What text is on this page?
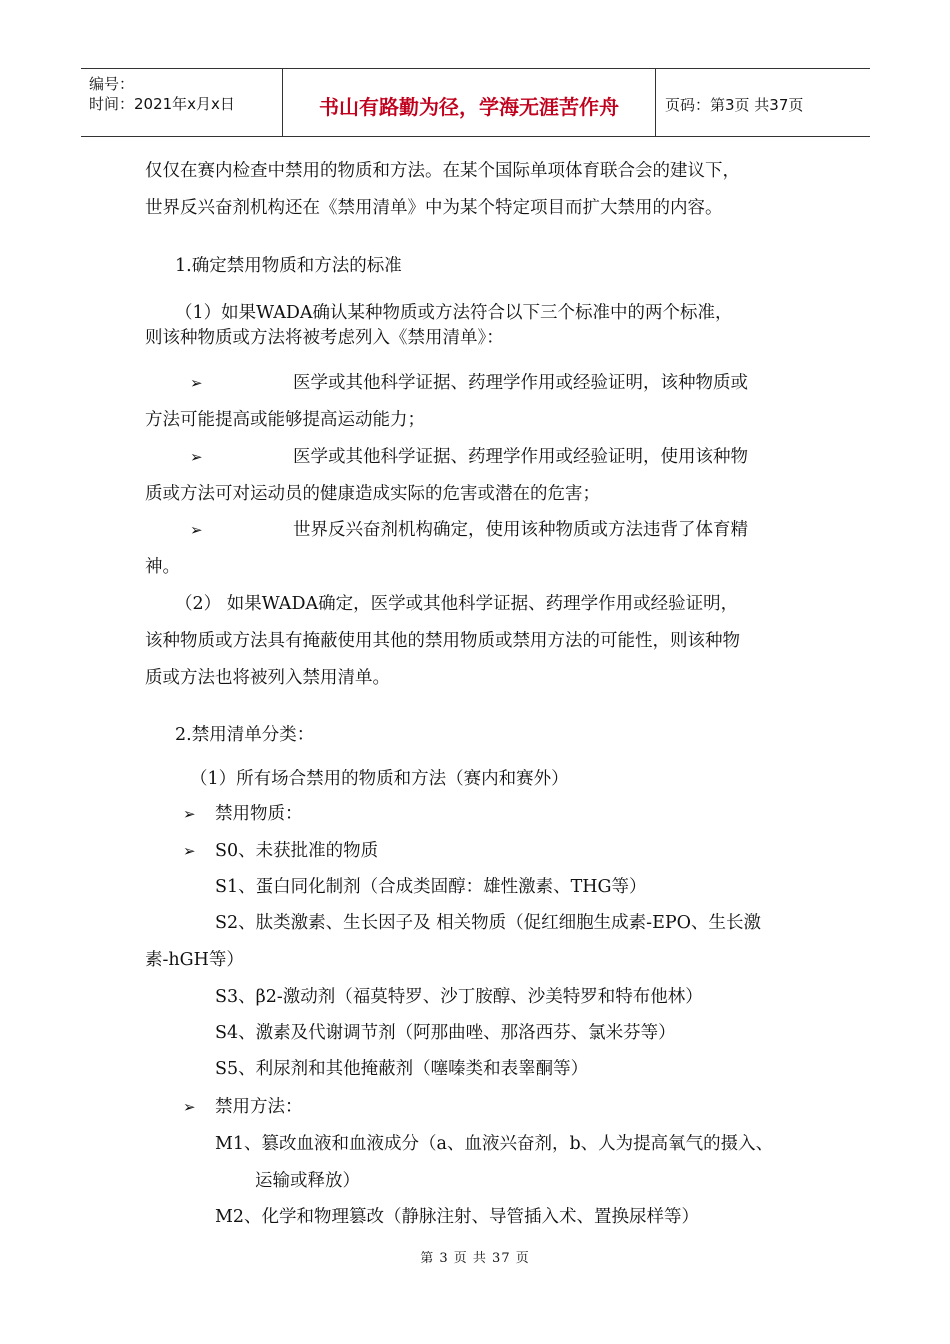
编号：
时间：2021年x月x日	书山有路勤为径，学海无涯苦作舟	页码：第3页 共37页
仅仅在赛内检查中禁用的物质和方法。在某个国际单项体育联合会的建议下，
世界反兴奋剂机构还在《禁用清单》中为某个特定项目而扩大禁用的内容。
1.确定禁用物质和方法的标准
（1）如果WADA确认某种物质或方法符合以下三个标准中的两个标准，
则该种物质或方法将被考虑列入《禁用清单》：
➢	医学或其他科学证据、药理学作用或经验证明，该种物质或
方法可能提高或能够提高运动能力；
➢	医学或其他科学证据、药理学作用或经验证明，使用该种物
质或方法可对运动员的健康造成实际的危害或潜在的危害；
➢	世界反兴奋剂机构确定，使用该种物质或方法违背了体育精
神。
（2） 如果WADA确定，医学或其他科学证据、药理学作用或经验证明，
该种物质或方法具有掩蔽使用其他的禁用物质或禁用方法的可能性，则该种物
质或方法也将被列入禁用清单。
2.禁用清单分类：
（1）所有场合禁用的物质和方法（赛内和赛外）
➢ 禁用物质：
➢ S0、未获批准的物质
S1、蛋白同化制剂（合成类固醇：雄性激素、THG等）
S2、肽类激素、生长因子及 相关物质（促红细胞生成素-EPO、生长激
素-hGH等）
S3、β2-激动剂（福莫特罗、沙丁胺醇、沙美特罗和特布他林）
S4、激素及代谢调节剂（阿那曲唑、那洛西芬、氯米芬等）
S5、利尿剂和其他掩蔽剂（噻嗪类和表睾酮等）
➢ 禁用方法：
M1、篡改血液和血液成分（a、血液兴奋剂，b、人为提高氧气的摄入、
运输或释放）
M2、化学和物理篡改（静脉注射、导管插入术、置换尿样等）
第 3 页 共 37 页
